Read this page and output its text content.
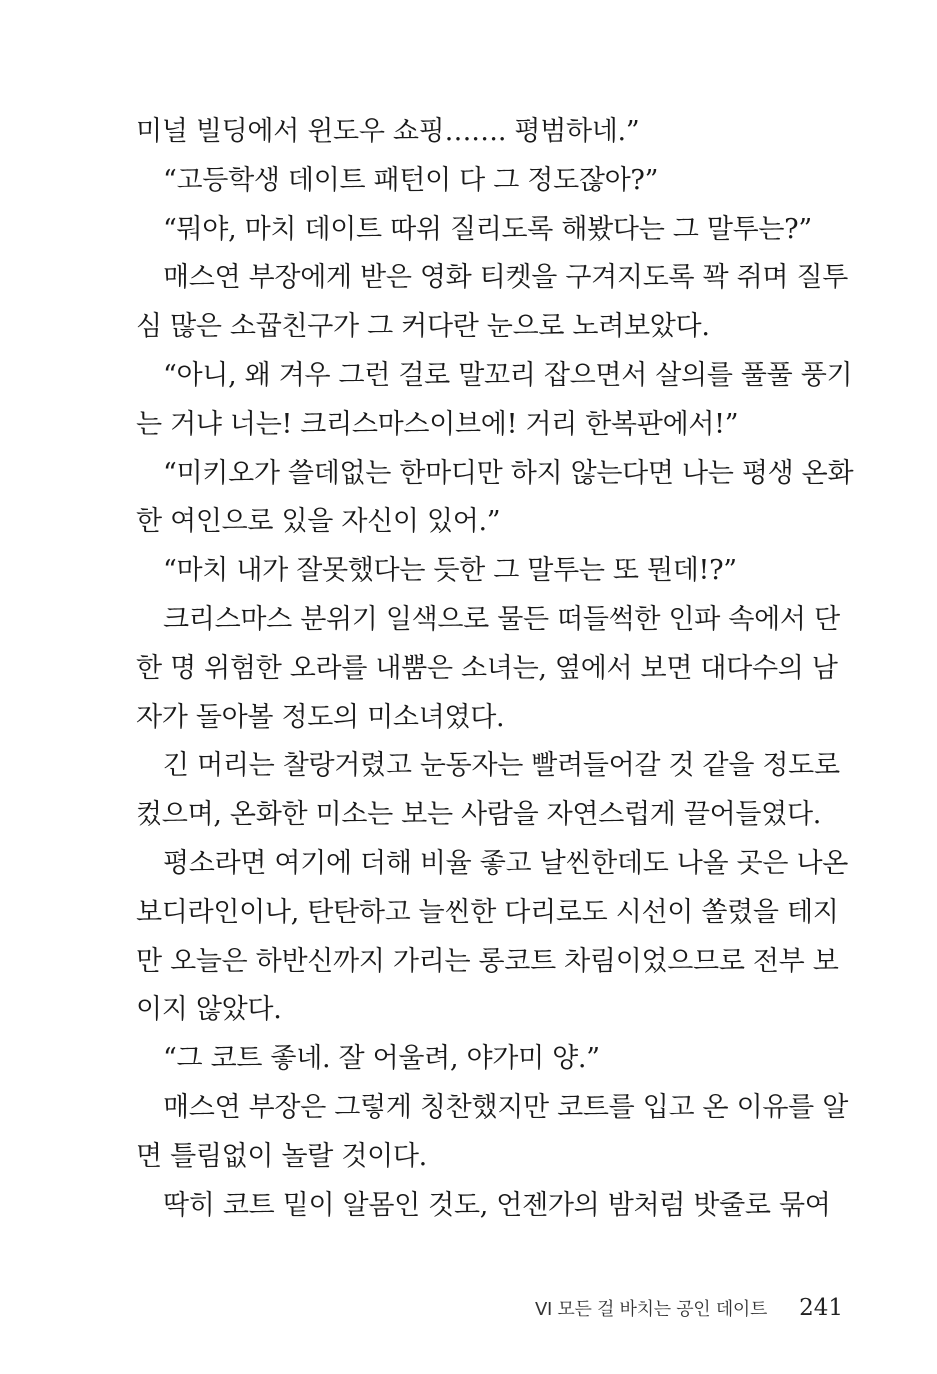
미널 빌딩에서 윈도우 쇼핑……. 평범하네.”
“고등학생 데이트 패턴이 다 그 정도잖아?”
“뭐야, 마치 데이트 따위 질리도록 해봤다는 그 말투는?”
매스연 부장에게 받은 영화 티켓을 구겨지도록 꽉 쥐며 질투
심 많은 소꿉친구가 그 커다란 눈으로 노려보았다.
“아니, 왜 겨우 그런 걸로 말꼬리 잡으면서 살의를 풀풀 풍기
는 거냐 너는! 크리스마스이브에! 거리 한복판에서!”
“미키오가 쓸데없는 한마디만 하지 않는다면 나는 평생 온화
한 여인으로 있을 자신이 있어.”
“마치 내가 잘못했다는 듯한 그 말투는 또 뭔데!?”
크리스마스 분위기 일색으로 물든 떠들썩한 인파 속에서 단
한 명 위험한 오라를 내뿜은 소녀는, 옆에서 보면 대다수의 남
자가 돌아볼 정도의 미소녀였다.
긴 머리는 찰랑거렸고 눈동자는 빨려들어갈 것 같을 정도로
컸으며, 온화한 미소는 보는 사람을 자연스럽게 끌어들였다.
평소라면 여기에 더해 비율 좋고 날씬한데도 나올 곳은 나온
보디라인이나, 탄탄하고 늘씬한 다리로도 시선이 쏠렸을 테지
만 오늘은 하반신까지 가리는 롱코트 차림이었으므로 전부 보
이지 않았다.
“그 코트 좋네. 잘 어울려, 야가미 양.”
매스연 부장은 그렇게 칭찬했지만 코트를 입고 온 이유를 알
면 틀림없이 놀랄 것이다.
딱히 코트 밑이 알몸인 것도, 언젠가의 밤처럼 밧줄로 묶여
VI 모든 걸 바치는 공인 데이트 241
